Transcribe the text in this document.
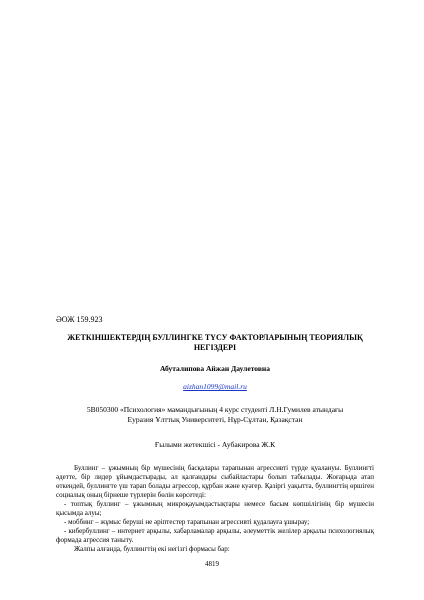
ӘОЖ 159.923
ЖЕТКІНШЕКТЕРДІҢ БУЛЛИНГКЕ ТҮСУ ФАКТОРЛАРЫНЫҢ ТЕОРИЯЛЫҚ
НЕГІЗДЕРІ
Абуталипова Айжан Даулетовна
aizhan1099@mail.ru
5В050300 «Психология» мамандығының 4 курс студенті Л.Н.Гумилев атындағы
Еуразия Ұлттық Университеті, Нұр-Сұлтан, Қазақстан
Ғылыми жетекшісі - Аубакирова Ж.К

Буллинг – ұжымның бір мүшесінің басқалары тарапынан агрессивті түрде қуалануы. Буллингті әдетте, бір лидер ұйымдастырады, ал қалғандары сыбайластары болып табылады. Жоғарыда атап өткендей, буллингте үш тарап болады агрессор, құрбан және куәгер. Қазіргі уақытта, буллингтің өршіген социалық оның бірнеше түрлерін бөлін көрсетеді:

- топтық буллинг – ұжымның микроқауымдастықтары немесе басым көпшілігінің бір мүшесін қысымда алуы;

- моббинг – жұмыс беруші не әріптестер тарапынан агрессивті қудалауға ұшырау;

- кибербуллинг – интернет арқылы, хабарламалар арқылы, әлеуметтік желілер арқылы психологиялық формада агрессия таныту.

Жалпы алғанда, буллингтің екі негізгі формасы бар:

4819
